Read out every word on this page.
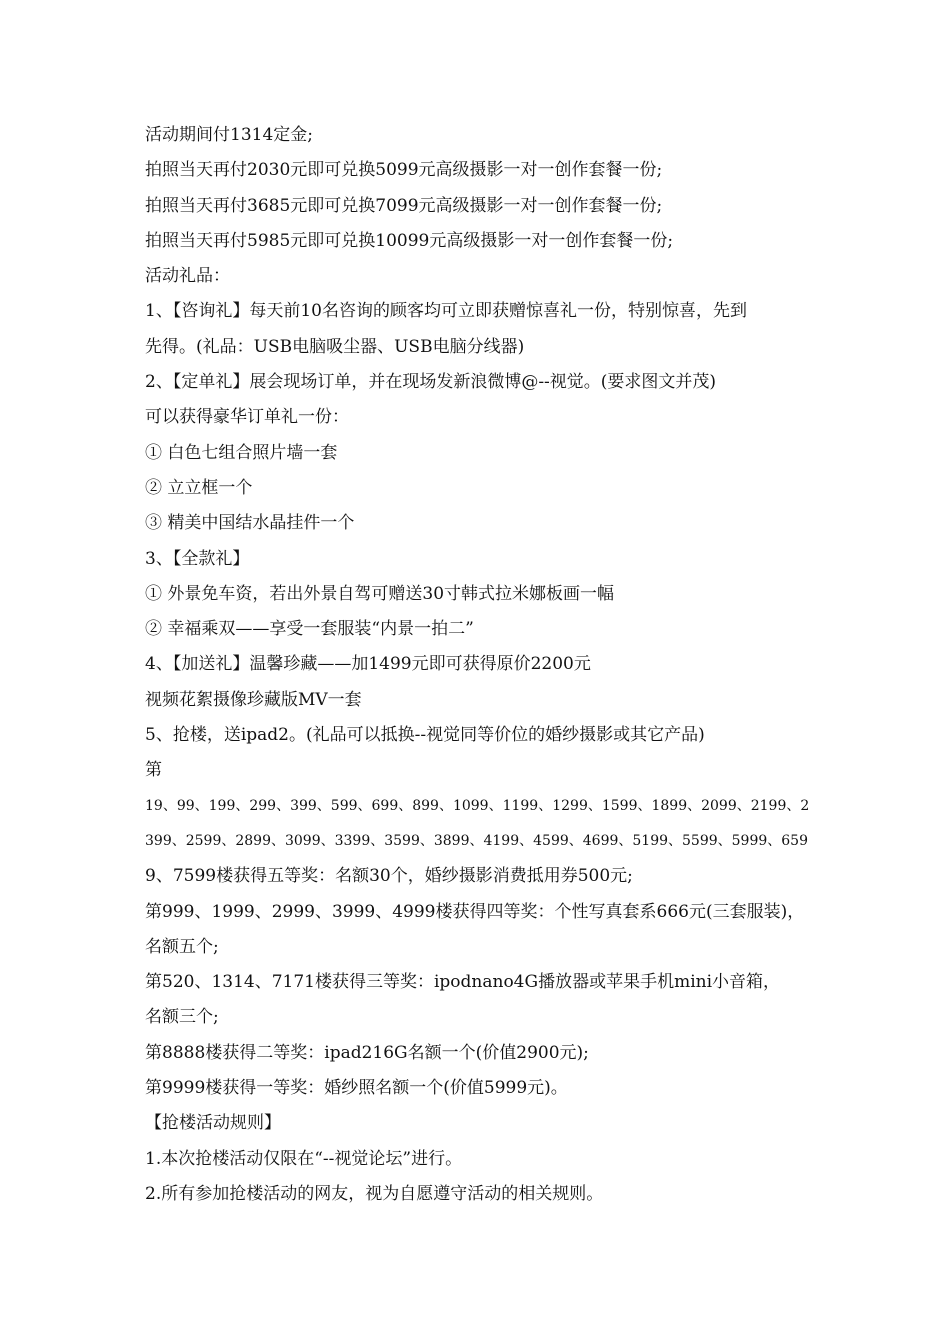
活动期间付1314定金;
拍照当天再付2030元即可兑换5099元高级摄影一对一创作套餐一份;
拍照当天再付3685元即可兑换7099元高级摄影一对一创作套餐一份;
拍照当天再付5985元即可兑换10099元高级摄影一对一创作套餐一份;
活动礼品：
1、【咨询礼】每天前10名咨询的顾客均可立即获赠惊喜礼一份，特别惊喜，先到
先得。(礼品：USB电脑吸尘器、USB电脑分线器)
2、【定单礼】展会现场订单，并在现场发新浪微博@--视觉。(要求图文并茂)
可以获得豪华订单礼一份：
① 白色七组合照片墙一套
② 立立框一个
③ 精美中国结水晶挂件一个
3、【全款礼】
① 外景免车资，若出外景自驾可赠送30寸韩式拉米娜板画一幅
② 幸福乘双——享受一套服装“内景一拍二”
4、【加送礼】温馨珍藏——加1499元即可获得原价2200元
视频花絮摄像珍藏版MV一套
5、抢楼，送ipad2。(礼品可以抵换--视觉同等价位的婚纱摄影或其它产品)
第
19、99、199、299、399、599、699、899、1099、1199、1299、1599、1899、2099、2199、2
399、2599、2899、3099、3399、3599、3899、4199、4599、4699、5199、5599、5999、659
9、7599楼获得五等奖：名额30个，婚纱摄影消费抵用券500元;
第999、1999、2999、3999、4999楼获得四等奖：个性写真套系666元(三套服装)，
名额五个;
第520、1314、7171楼获得三等奖：ipodnano4G播放器或苹果手机mini小音箱，
名额三个;
第8888楼获得二等奖：ipad216G名额一个(价值2900元);
第9999楼获得一等奖：婚纱照名额一个(价值5999元)。
【抢楼活动规则】
1.本次抢楼活动仅限在“--视觉论坛”进行。
2.所有参加抢楼活动的网友，视为自愿遵守活动的相关规则。
